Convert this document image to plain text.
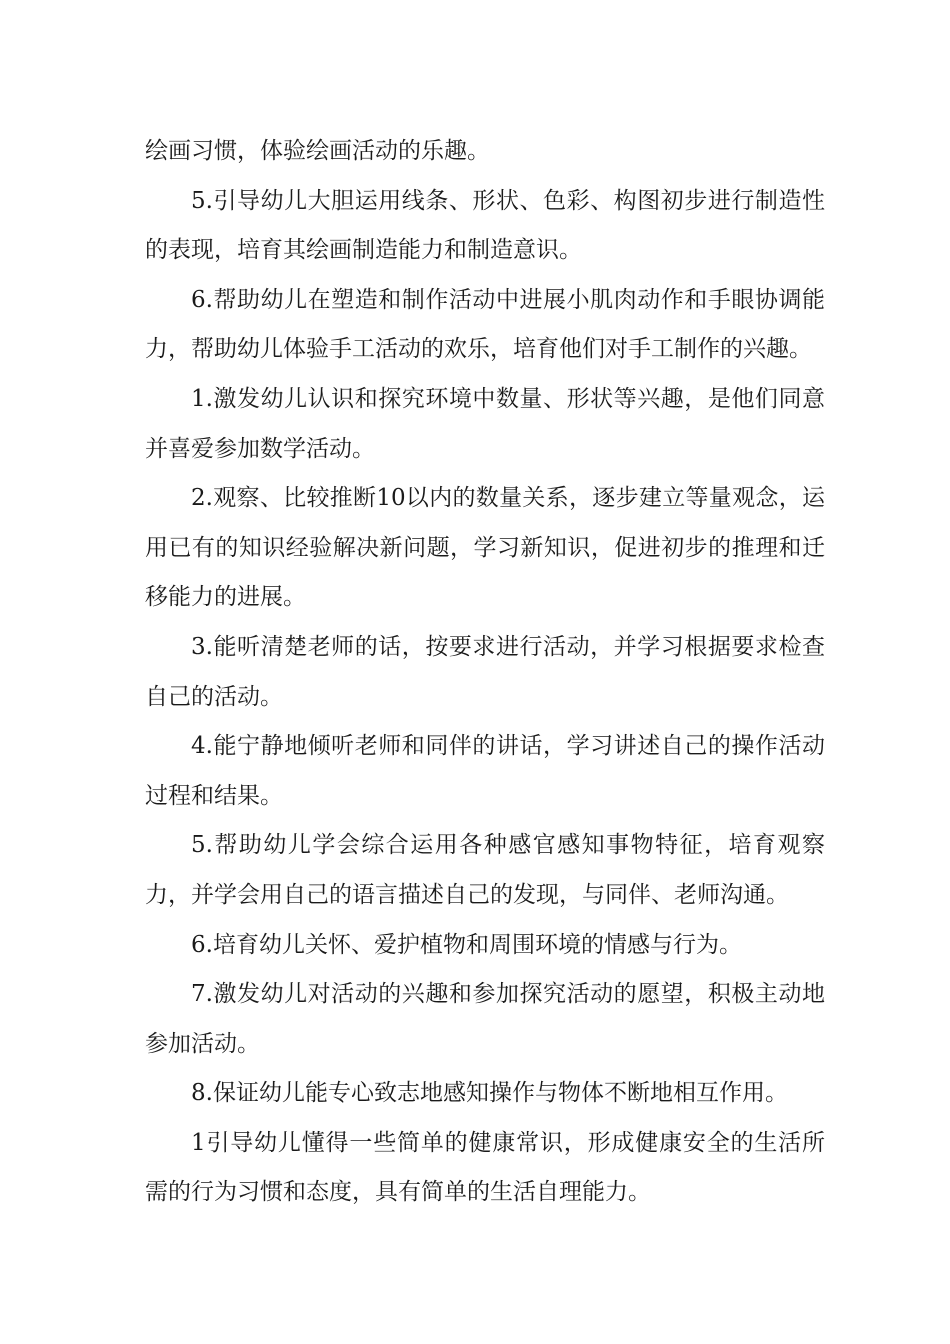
绘画习惯，体验绘画活动的乐趣。

5.引导幼儿大胆运用线条、形状、色彩、构图初步进行制造性的表现，培育其绘画制造能力和制造意识。

6.帮助幼儿在塑造和制作活动中进展小肌肉动作和手眼协调能力，帮助幼儿体验手工活动的欢乐，培育他们对手工制作的兴趣。

1.激发幼儿认识和探究环境中数量、形状等兴趣，是他们同意并喜爱参加数学活动。

2.观察、比较推断10以内的数量关系，逐步建立等量观念，运用已有的知识经验解决新问题，学习新知识，促进初步的推理和迁移能力的进展。

3.能听清楚老师的话，按要求进行活动，并学习根据要求检查自己的活动。

4.能宁静地倾听老师和同伴的讲话，学习讲述自己的操作活动过程和结果。

5.帮助幼儿学会综合运用各种感官感知事物特征，培育观察力，并学会用自己的语言描述自己的发现，与同伴、老师沟通。

6.培育幼儿关怀、爱护植物和周围环境的情感与行为。

7.激发幼儿对活动的兴趣和参加探究活动的愿望，积极主动地参加活动。

8.保证幼儿能专心致志地感知操作与物体不断地相互作用。

1引导幼儿懂得一些简单的健康常识，形成健康安全的生活所需的行为习惯和态度，具有简单的生活自理能力。
